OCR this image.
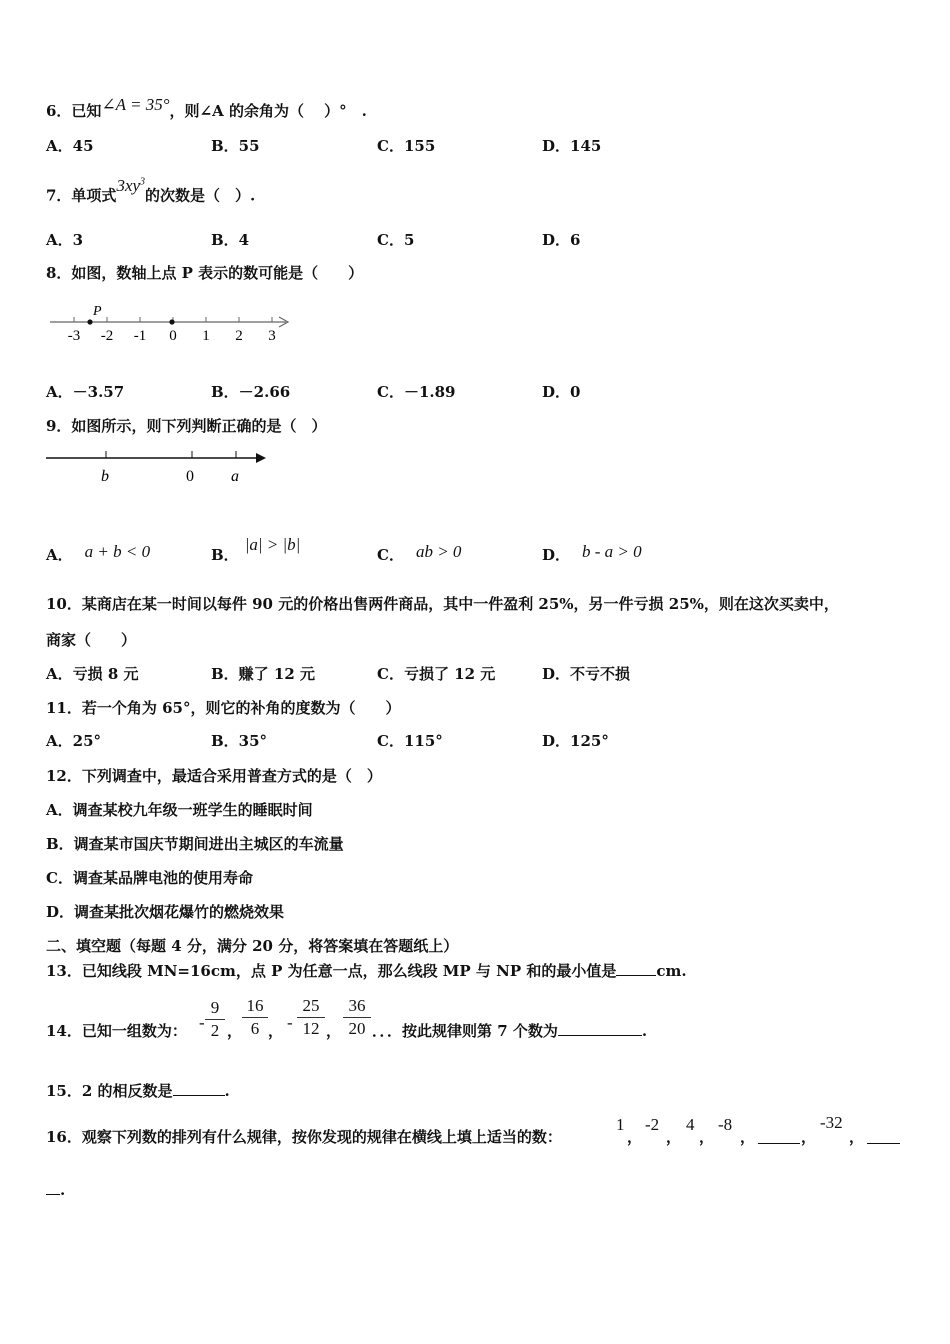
6．已知∠A = 35°，则∠A 的余角为（　 ）°　.
A．45	B．55	C．155	D．145
7．单项式$3xy^3$的次数是（　）.
A．3	B．4	C．5	D．6
8．如图，数轴上点 P 表示的数可能是（　　）
-3 -2 -1 0 1 2 3
P
A．－3.57	B．－2.66	C．－1.89	D．0
9．如图所示，则下列判断正确的是（　）
b	0 a
A． a + b < 0	B．|a| > |b|
C． ab > 0	D． b - a > 0
10．某商店在某一时间以每件 90 元的价格出售两件商品，其中一件盈利 25%，另一件亏损 25%，则在这次买卖中，
商家（　　）
A．亏损 8 元	B．赚了 12 元	C．亏损了 12 元	D．不亏不损
11．若一个角为 65°，则它的补角的度数为（　　）
A．25°	B．35°	C．115°	D．125°
12．下列调查中，最适合采用普查方式的是（　）
A．调查某校九年级一班学生的睡眠时间
B．调查某市国庆节期间进出主城区的车流量
C．调查某品牌电池的使用寿命
D．调查某批次烟花爆竹的燃烧效果
二、填空题（每题 4 分，满分 20 分，将答案填在答题纸上）
13．已知线段 MN=16cm，点 P 为任意一点，那么线段 MP 与 NP 和的最小值是	cm.
14．已知一组数为： - $\frac{9}{2}$ ， $\frac{16}{6}$ ， - $\frac{25}{12}$ ， $\frac{36}{20}$ ．．．按此规律则第 7 个数为	.
15．2 的相反数是	.
16．观察下列数的排列有什么规律，按你发现的规律在横线上填上适当的数：
1
，
-2
，
4
，
-8
，	，
-32
，
.
